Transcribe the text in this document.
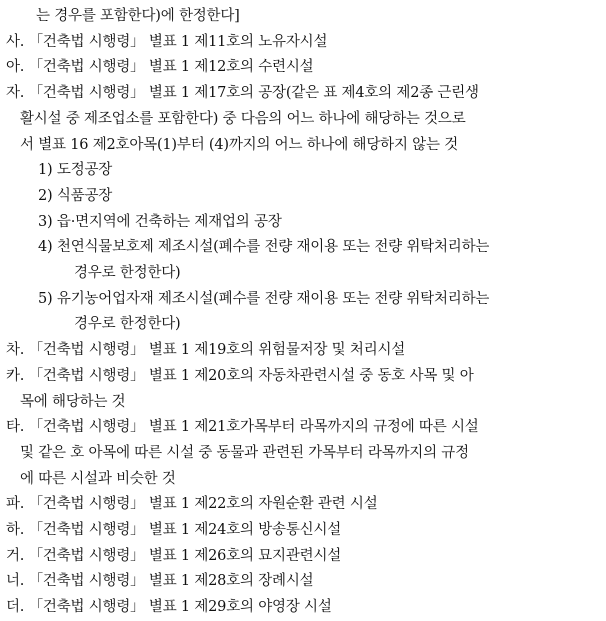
는 경우를 포함한다)에 한정한다]
사. 「건축법 시행령」 별표 1 제11호의 노유자시설
아. 「건축법 시행령」 별표 1 제12호의 수련시설
자. 「건축법 시행령」 별표 1 제17호의 공장(같은 표 제4호의 제2종 근린생
활시설 중 제조업소를 포함한다) 중 다음의 어느 하나에 해당하는 것으로
서 별표 16 제2호아목(1)부터 (4)까지의 어느 하나에 해당하지 않는 것
1) 도정공장
2) 식품공장
3) 읍·면지역에 건축하는 제재업의 공장
4) 천연식물보호제 제조시설(폐수를 전량 재이용 또는 전량 위탁처리하는
경우로 한정한다)
5) 유기농어업자재 제조시설(폐수를 전량 재이용 또는 전량 위탁처리하는
경우로 한정한다)
차. 「건축법 시행령」 별표 1 제19호의 위험물저장 및 처리시설
카. 「건축법 시행령」 별표 1 제20호의 자동차관련시설 중 동호 사목 및 아
목에 해당하는 것
타. 「건축법 시행령」 별표 1 제21호가목부터 라목까지의 규정에 따른 시설
및 같은 호 아목에 따른 시설 중 동물과 관련된 가목부터 라목까지의 규정
에 따른 시설과 비슷한 것
파. 「건축법 시행령」 별표 1 제22호의 자원순환 관련 시설
하. 「건축법 시행령」 별표 1 제24호의 방송통신시설
거. 「건축법 시행령」 별표 1 제26호의 묘지관련시설
너. 「건축법 시행령」 별표 1 제28호의 장례시설
더. 「건축법 시행령」 별표 1 제29호의 야영장 시설
